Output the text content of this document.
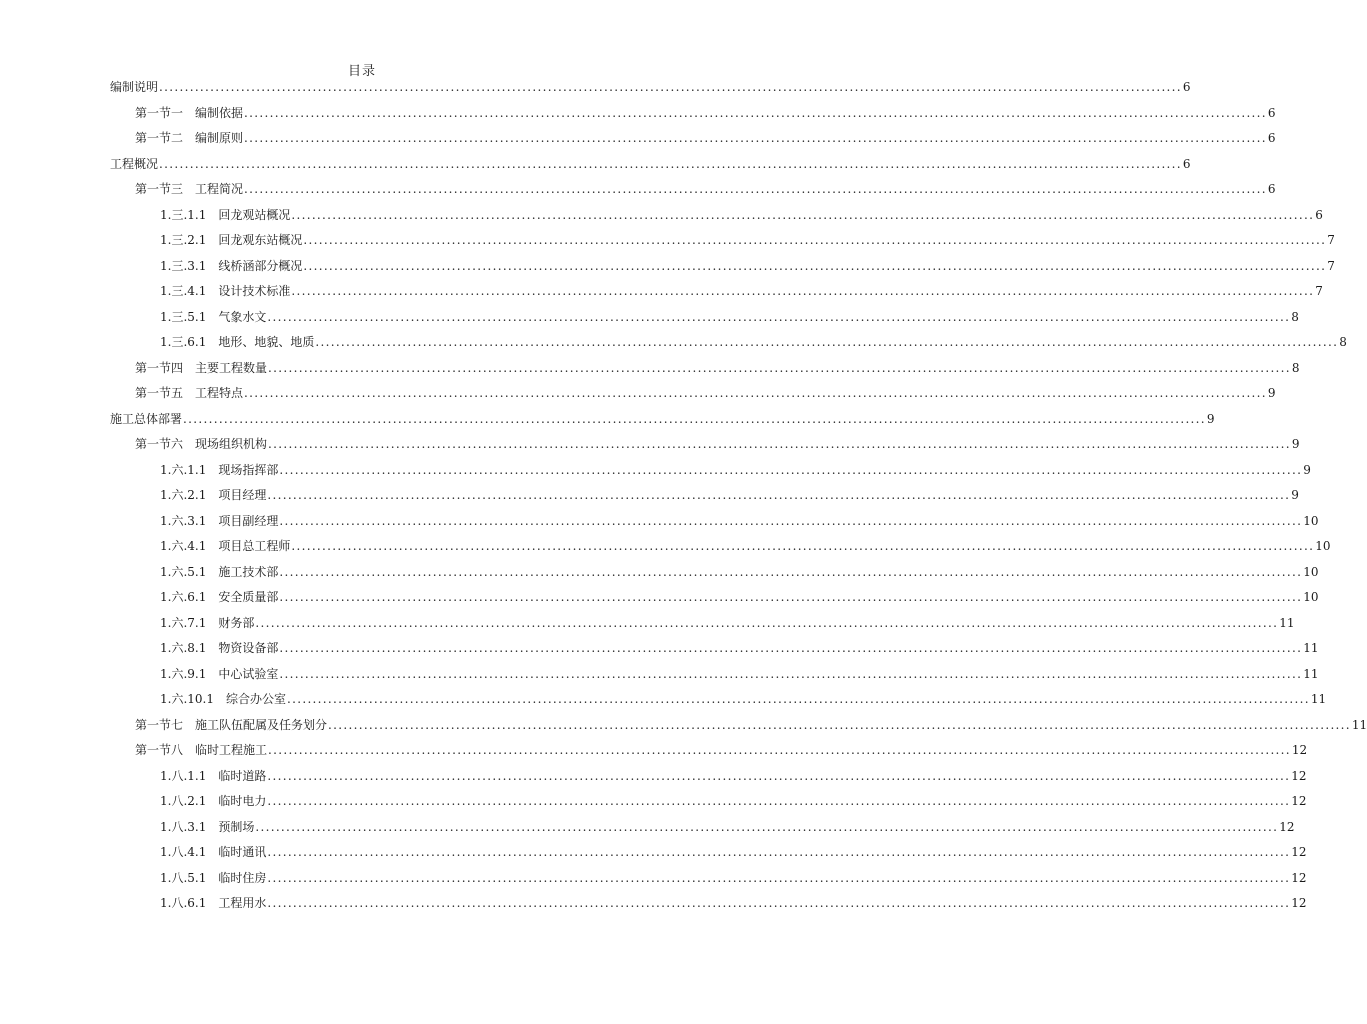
目录
编制说明 ........................................................................................................................................................................................................ 6
第一节一　编制依据 ........................................................................................................................................................................................................ 6
第一节二　编制原则 ........................................................................................................................................................................................................ 6
工程概况 ........................................................................................................................................................................................................ 6
第一节三　工程简况 ........................................................................................................................................................................................................ 6
1.三.1.1　回龙观站概况 ........................................................................................................................................................................................................ 6
1.三.2.1　回龙观东站概况 ........................................................................................................................................................................................................ 7
1.三.3.1　线桥涵部分概况 ........................................................................................................................................................................................................ 7
1.三.4.1　设计技术标准 ........................................................................................................................................................................................................ 7
1.三.5.1　气象水文 ........................................................................................................................................................................................................ 8
1.三.6.1　地形、地貌、地质 ........................................................................................................................................................................................................ 8
第一节四　主要工程数量 ........................................................................................................................................................................................................ 8
第一节五　工程特点 ........................................................................................................................................................................................................ 9
施工总体部署 ........................................................................................................................................................................................................ 9
第一节六　现场组织机构 ........................................................................................................................................................................................................ 9
1.六.1.1　现场指挥部 ........................................................................................................................................................................................................ 9
1.六.2.1　项目经理 ........................................................................................................................................................................................................ 9
1.六.3.1　项目副经理 ........................................................................................................................................................................................................ 10
1.六.4.1　项目总工程师 ........................................................................................................................................................................................................ 10
1.六.5.1　施工技术部 ........................................................................................................................................................................................................ 10
1.六.6.1　安全质量部 ........................................................................................................................................................................................................ 10
1.六.7.1　财务部 ........................................................................................................................................................................................................ 11
1.六.8.1　物资设备部 ........................................................................................................................................................................................................ 11
1.六.9.1　中心试验室 ........................................................................................................................................................................................................ 11
1.六.10.1　综合办公室 ........................................................................................................................................................................................................ 11
第一节七　施工队伍配属及任务划分 ........................................................................................................................................................................................................ 11
第一节八　临时工程施工 ........................................................................................................................................................................................................ 12
1.八.1.1　临时道路 ........................................................................................................................................................................................................ 12
1.八.2.1　临时电力 ........................................................................................................................................................................................................ 12
1.八.3.1　预制场 ........................................................................................................................................................................................................ 12
1.八.4.1　临时通讯 ........................................................................................................................................................................................................ 12
1.八.5.1　临时住房 ........................................................................................................................................................................................................ 12
1.八.6.1　工程用水 ........................................................................................................................................................................................................ 12
